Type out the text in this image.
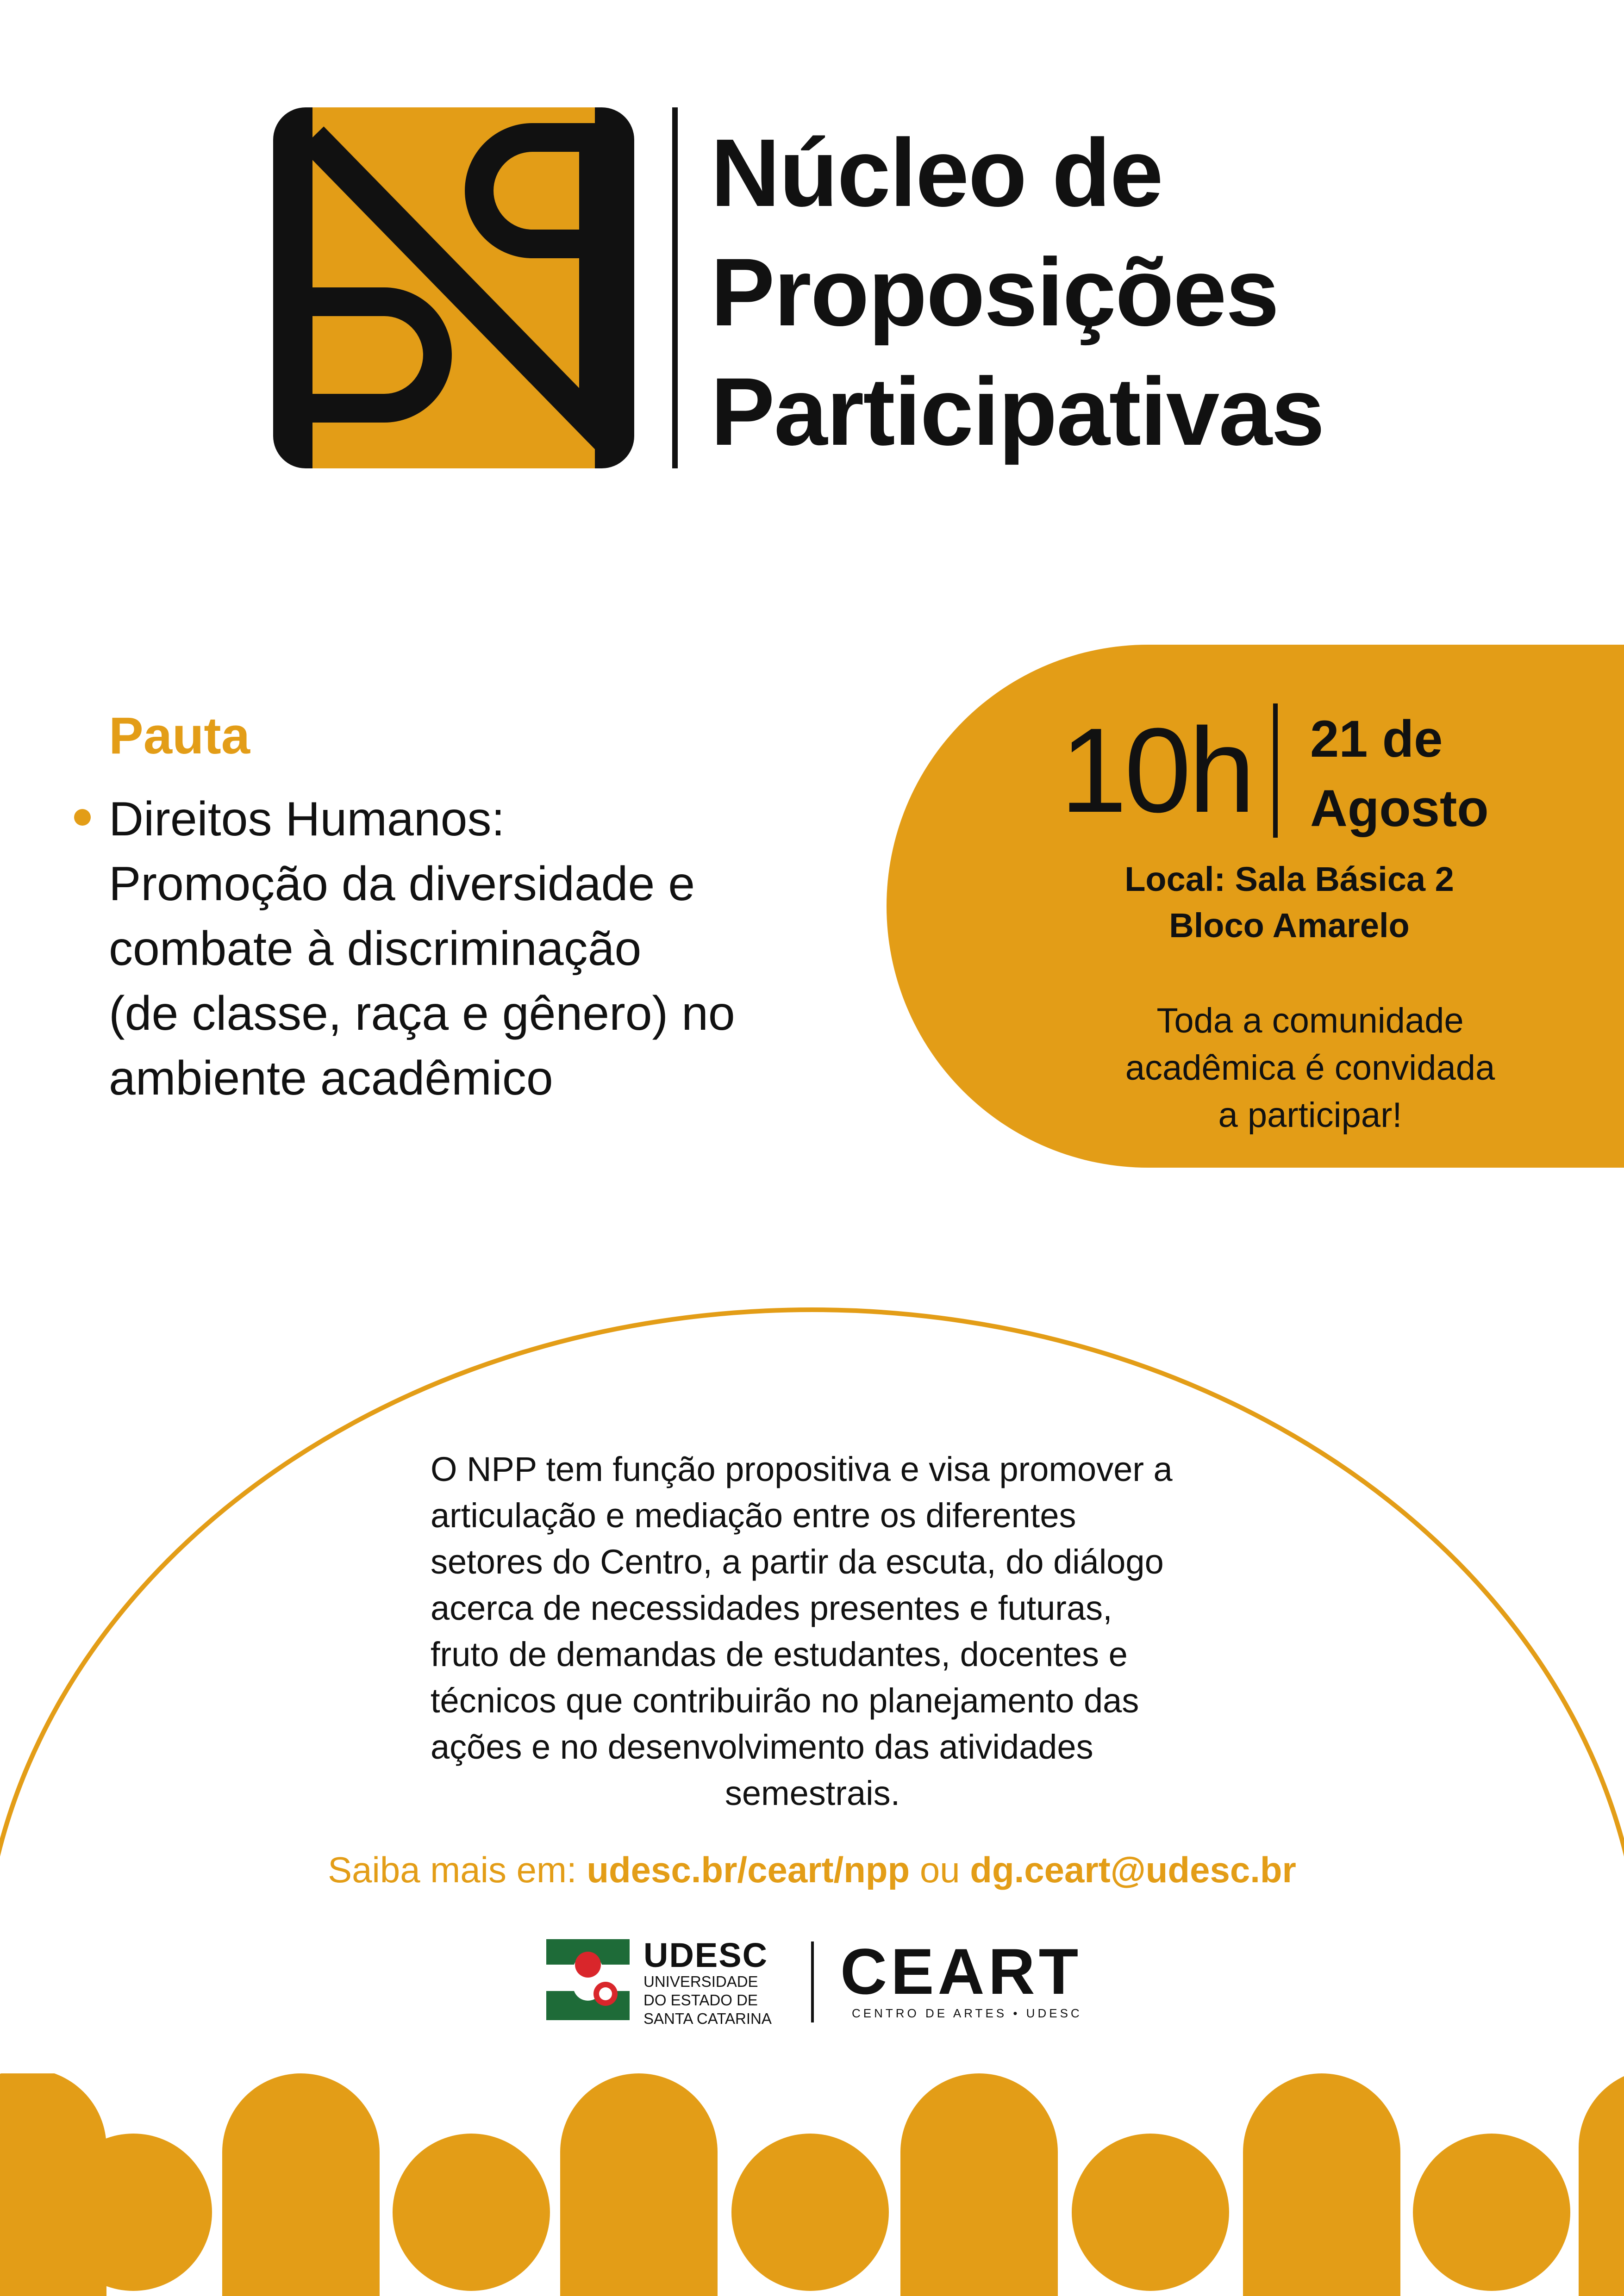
Núcleo de
Proposições
Participativas
Pauta
Direitos Humanos:
Promoção da diversidade e
combate à discriminação
(de classe, raça e gênero) no
ambiente acadêmico
10h 21 de
Agosto
Local: Sala Básica 2
Bloco Amarelo
Toda a comunidade
acadêmica é convidada
a participar!
O NPP tem função propositiva e visa promover a
articulação e mediação entre os diferentes
setores do Centro, a partir da escuta, do diálogo
acerca de necessidades presentes e futuras,
fruto de demandas de estudantes, docentes e
técnicos que contribuirão no planejamento das
ações e no desenvolvimento das atividades
semestrais.
Saiba mais em: udesc.br/ceart/npp ou dg.ceart@udesc.br
UDESC
UNIVERSIDADE
DO ESTADO DE
SANTA CATARINA
CEART
CENTRO DE ARTES • UDESC
